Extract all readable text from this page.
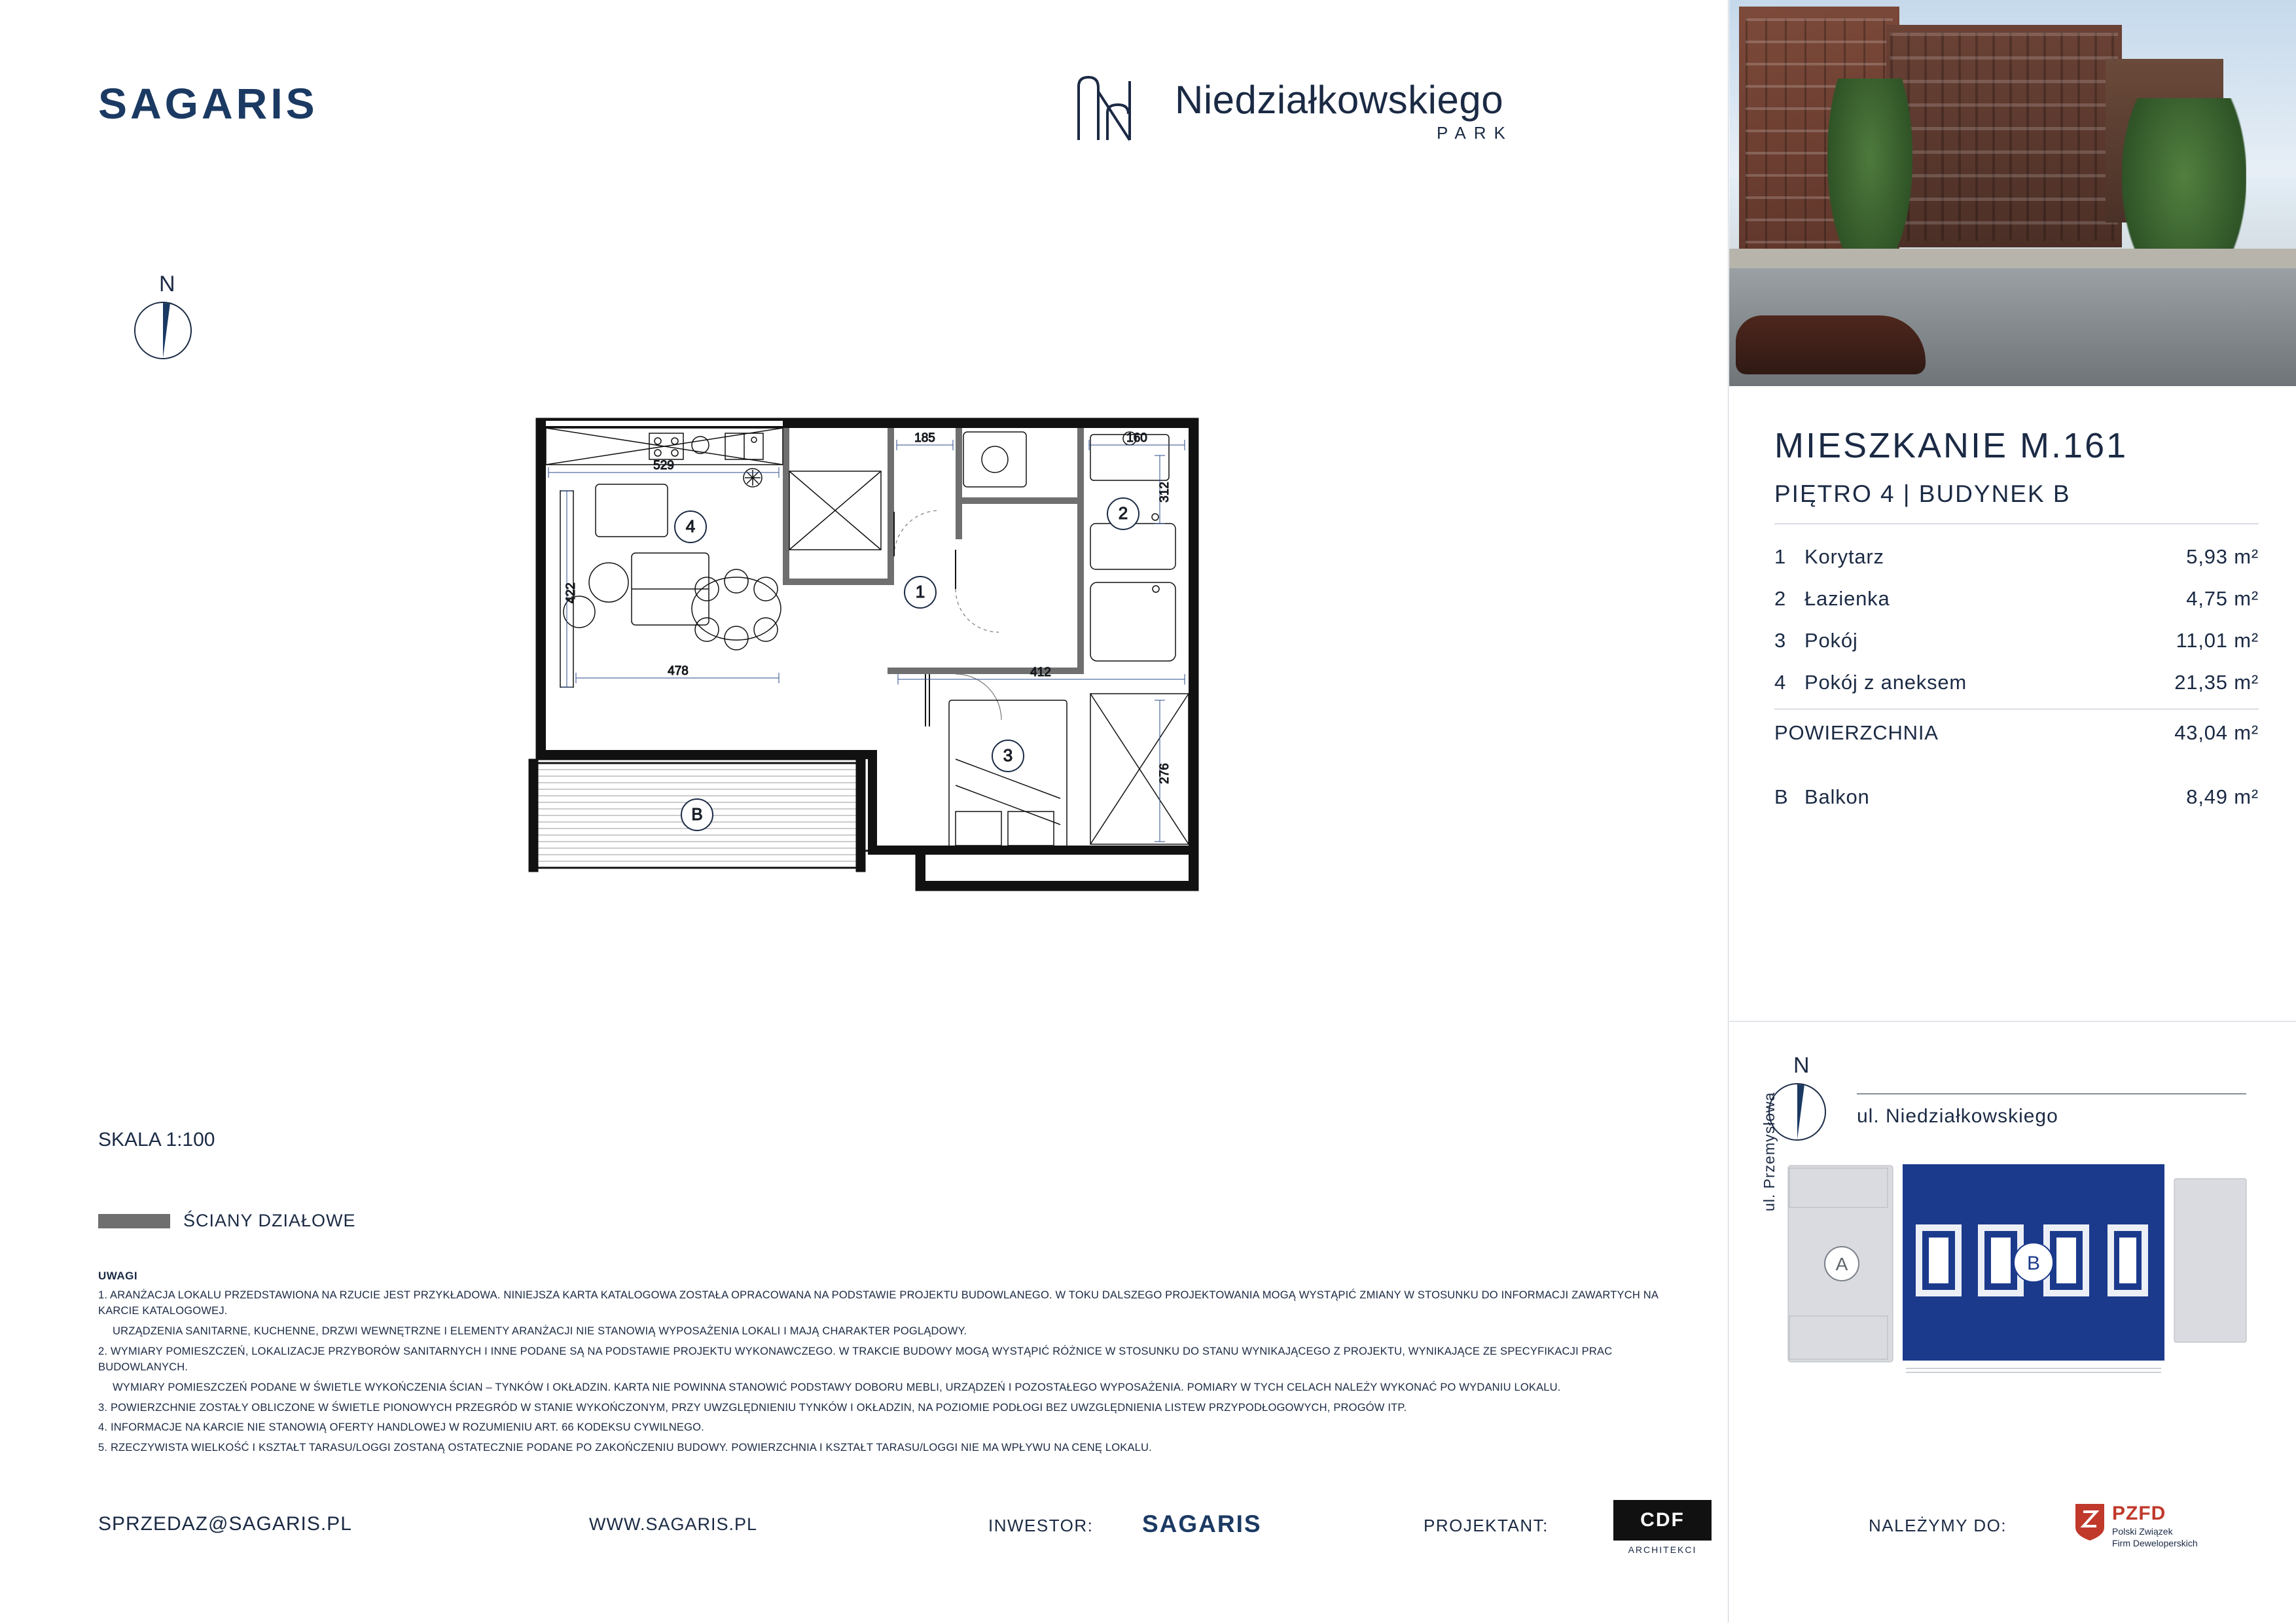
SAGARIS	Niedziałkowskiego
PARK
N
529
422
478
185	160
312
412
276
4
1
2
3
B
SKALA 1:100
ŚCIANY DZIAŁOWE
UWAGI

1. ARANŻACJA LOKALU PRZEDSTAWIONA NA RZUCIE JEST PRZYKŁADOWA. NINIEJSZA KARTA KATALOGOWA ZOSTAŁA OPRACOWANA NA PODSTAWIE PROJEKTU BUDOWLANEGO. W TOKU DALSZEGO PROJEKTOWANIA MOGĄ WYSTĄPIĆ ZMIANY W STOSUNKU DO INFORMACJI ZAWARTYCH NA KARCIE KATALOGOWEJ.

URZĄDZENIA SANITARNE, KUCHENNE, DRZWI WEWNĘTRZNE I ELEMENTY ARANŻACJI NIE STANOWIĄ WYPOSAŻENIA LOKALI I MAJĄ CHARAKTER POGLĄDOWY.

2. WYMIARY POMIESZCZEŃ, LOKALIZACJE PRZYBORÓW SANITARNYCH I INNE PODANE SĄ NA PODSTAWIE PROJEKTU WYKONAWCZEGO. W TRAKCIE BUDOWY MOGĄ WYSTĄPIĆ RÓŻNICE W STOSUNKU DO STANU WYNIKAJĄCEGO Z PROJEKTU, WYNIKAJĄCE ZE SPECYFIKACJI PRAC BUDOWLANYCH.

WYMIARY POMIESZCZEŃ PODANE W ŚWIETLE WYKOŃCZENIA ŚCIAN – TYNKÓW I OKŁADZIN. KARTA NIE POWINNA STANOWIĆ PODSTAWY DOBORU MEBLI, URZĄDZEŃ I POZOSTAŁEGO WYPOSAŻENIA. POMIARY W TYCH CELACH NALEŻY WYKONAĆ PO WYDANIU LOKALU.

3. POWIERZCHNIE ZOSTAŁY OBLICZONE W ŚWIETLE PIONOWYCH PRZEGRÓD W STANIE WYKOŃCZONYM, PRZY UWZGLĘDNIENIU TYNKÓW I OKŁADZIN, NA POZIOMIE PODŁOGI BEZ UWZGLĘDNIENIA LISTEW PRZYPODŁOGOWYCH, PROGÓW ITP.

4. INFORMACJE NA KARCIE NIE STANOWIĄ OFERTY HANDLOWEJ W ROZUMIENIU ART. 66 KODEKSU CYWILNEGO.

5. RZECZYWISTA WIELKOŚĆ I KSZTAŁT TARASU/LOGGI ZOSTANĄ OSTATECZNIE PODANE PO ZAKOŃCZENIU BUDOWY. POWIERZCHNIA I KSZTAŁT TARASU/LOGGI NIE MA WPŁYWU NA CENĘ LOKALU.

SPRZEDAZ@SAGARIS.PL	WWW.SAGARIS.PL	INWESTOR: SAGARIS	PROJEKTANT:	CDF
ARCHITEKCI
NALEŻYMY DO:
PZFD
Polski Związek
Firm Deweloperskich
MIESZKANIE M.161
PIĘTRO 4 | BUDYNEK B
1 Korytarz	5,93 m²
2 Łazienka	4,75 m²
3 Pokój	11,01 m²
4 Pokój z aneksem	21,35 m²
POWIERZCHNIA	43,04 m²
B Balkon	8,49 m²
N
ul. Niedziałkowskiego
ul. Przemysłowa
A	B
